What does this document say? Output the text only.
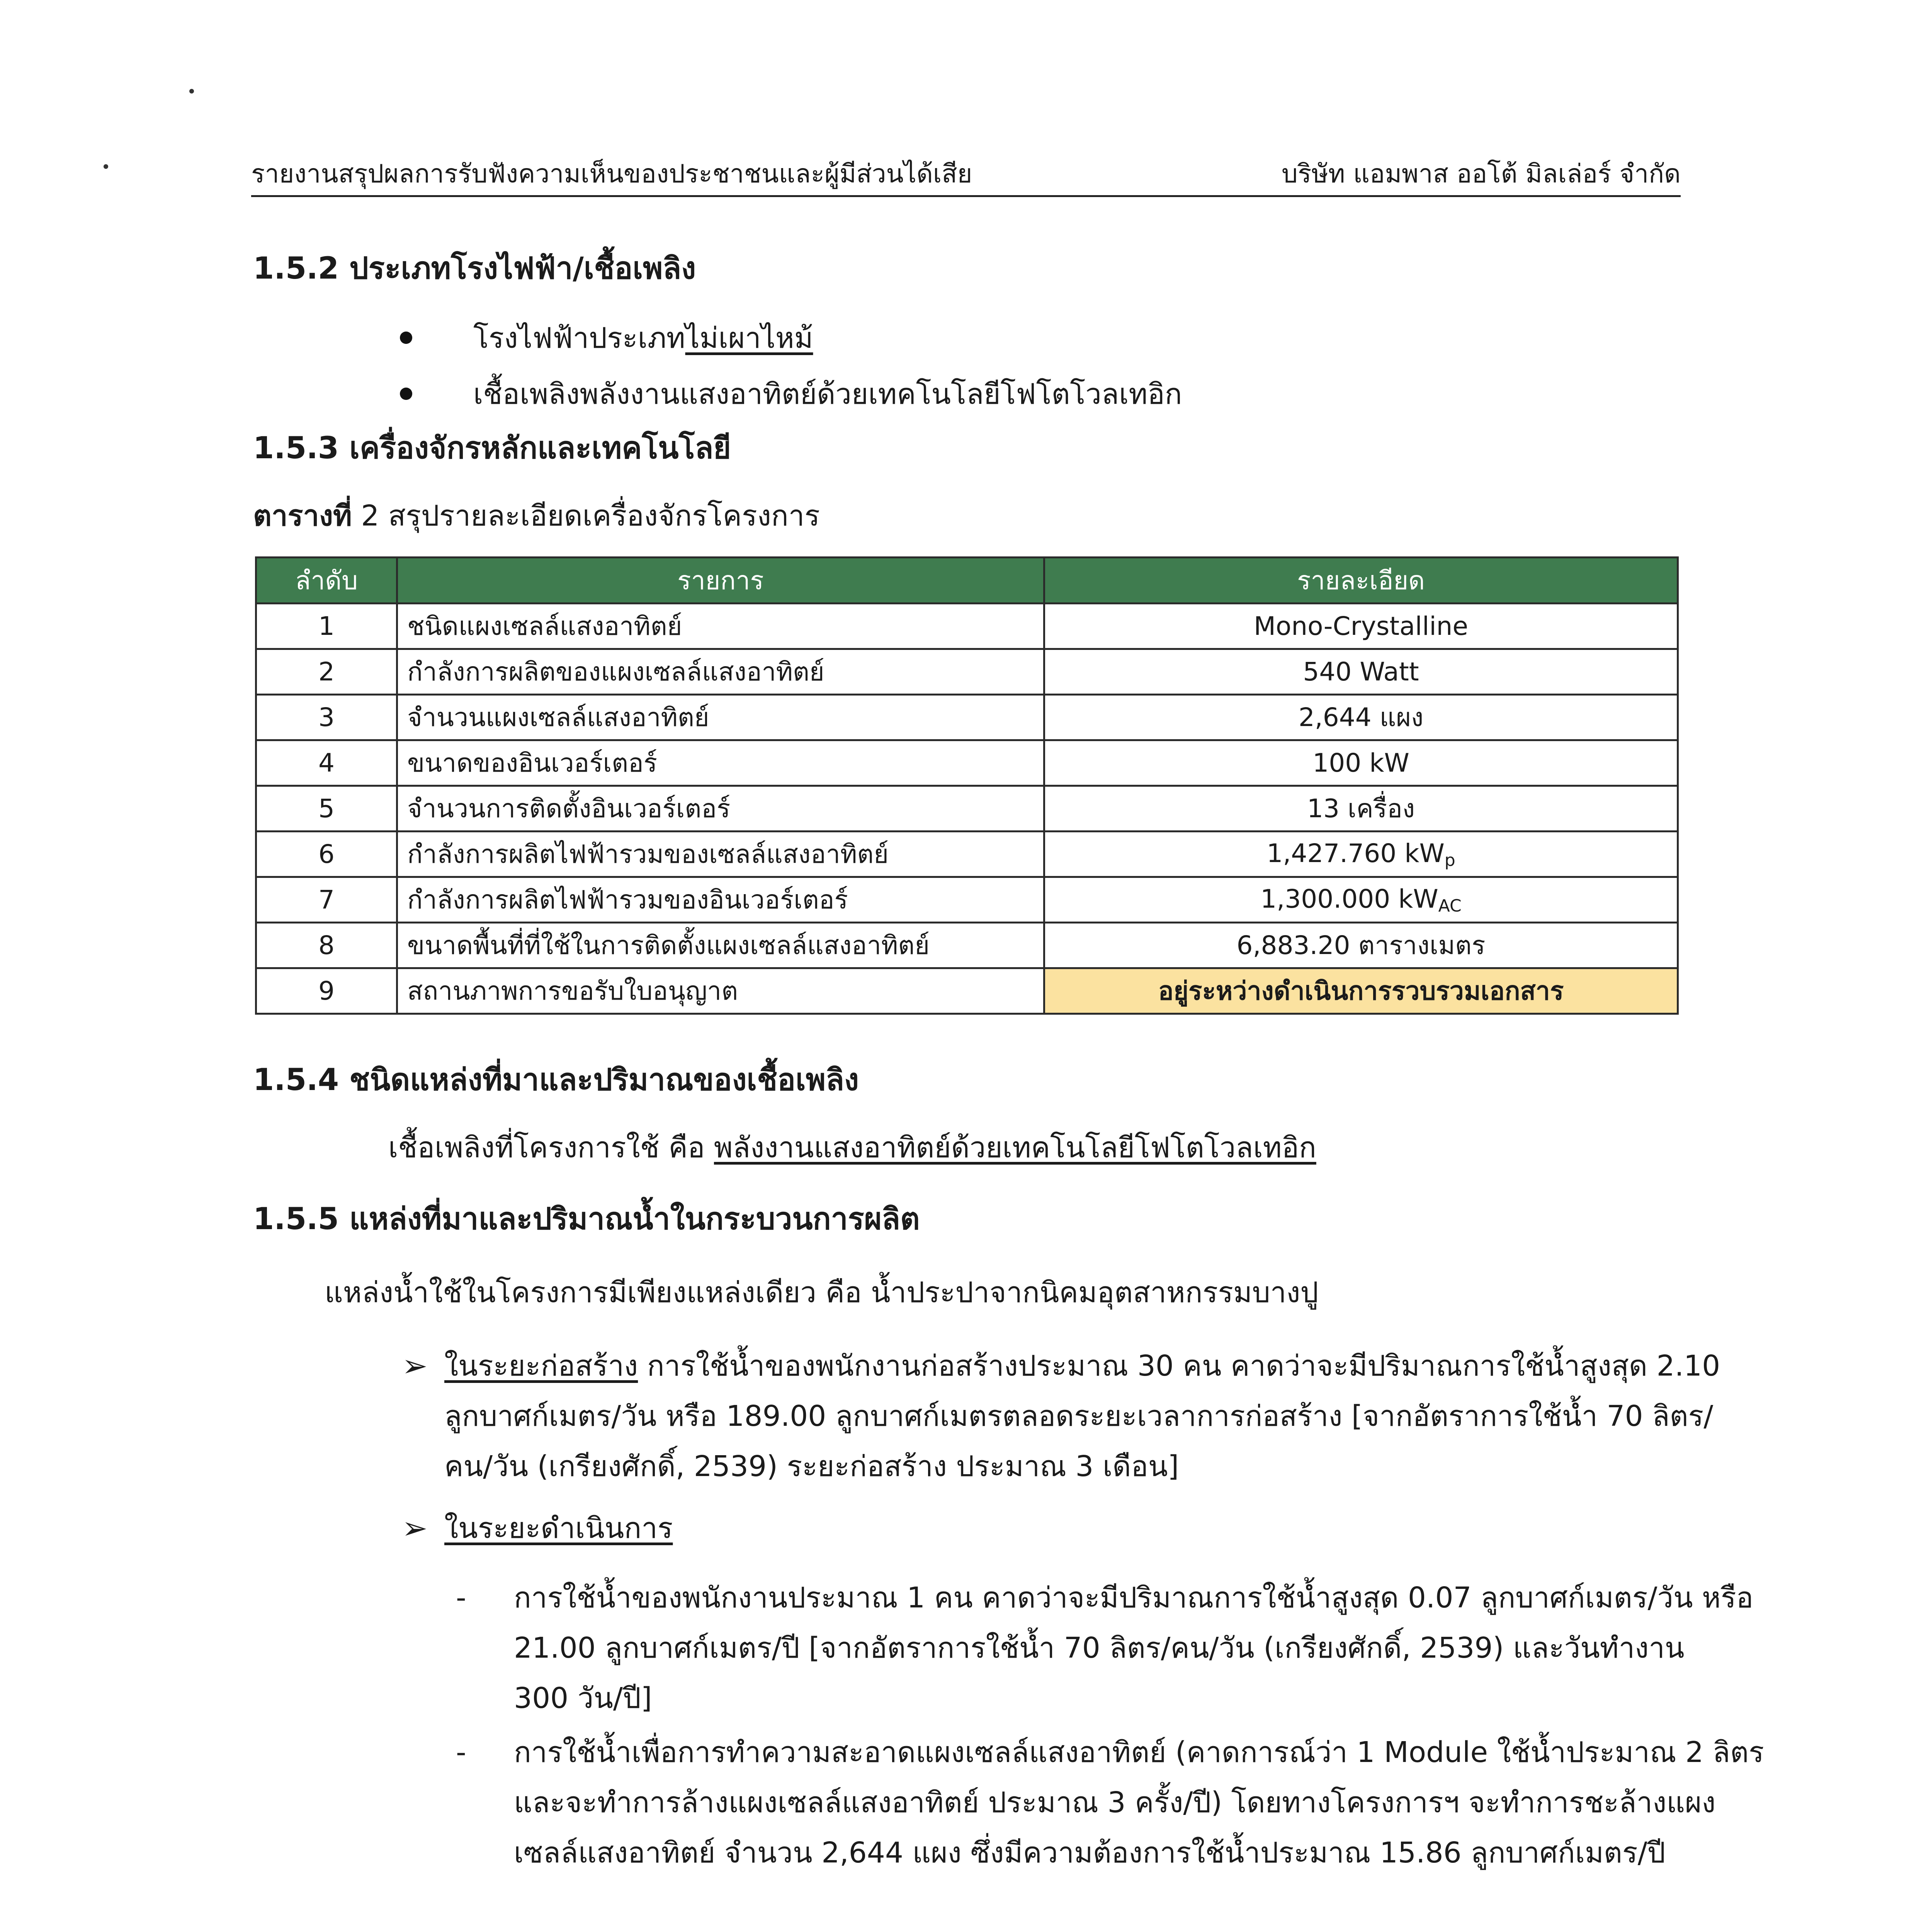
รายงานสรุปผลการรับฟังความเห็นของประชาชนและผู้มีส่วนได้เสีย	บริษัท แอมพาส ออโต้ มิลเล่อร์ จำกัด
1.5.2 ประเภทโรงไฟฟ้า/เชื้อเพลิง
โรงไฟฟ้าประเภทไม่เผาไหม้
เชื้อเพลิงพลังงานแสงอาทิตย์ด้วยเทคโนโลยีโฟโตโวลเทอิก
1.5.3 เครื่องจักรหลักและเทคโนโลยี
ตารางที่ 2 สรุปรายละเอียดเครื่องจักรโครงการ
ลำดับ	รายการ	รายละเอียด
1	ชนิดแผงเซลล์แสงอาทิตย์	Mono-Crystalline
2	กำลังการผลิตของแผงเซลล์แสงอาทิตย์	540 Watt
3	จำนวนแผงเซลล์แสงอาทิตย์	2,644 แผง
4	ขนาดของอินเวอร์เตอร์	100 kW
5	จำนวนการติดตั้งอินเวอร์เตอร์	13 เครื่อง
6	กำลังการผลิตไฟฟ้ารวมของเซลล์แสงอาทิตย์	1,427.760 $kW_p$
7	กำลังการผลิตไฟฟ้ารวมของอินเวอร์เตอร์	1,300.000 $kW_{AC}$
8	ขนาดพื้นที่ที่ใช้ในการติดตั้งแผงเซลล์แสงอาทิตย์	6,883.20 ตารางเมตร
9	สถานภาพการขอรับใบอนุญาต	อยู่ระหว่างดำเนินการรวบรวมเอกสาร
1.5.4 ชนิดแหล่งที่มาและปริมาณของเชื้อเพลิง
เชื้อเพลิงที่โครงการใช้ คือ พลังงานแสงอาทิตย์ด้วยเทคโนโลยีโฟโตโวลเทอิก
1.5.5 แหล่งที่มาและปริมาณน้ำในกระบวนการผลิต
แหล่งน้ำใช้ในโครงการมีเพียงแหล่งเดียว คือ น้ำประปาจากนิคมอุตสาหกรรมบางปู
➢ ในระยะก่อสร้าง การใช้น้ำของพนักงานก่อสร้างประมาณ 30 คน คาดว่าจะมีปริมาณการใช้น้ำสูงสุด 2.10
ลูกบาศก์เมตร/วัน หรือ 189.00 ลูกบาศก์เมตรตลอดระยะเวลาการก่อสร้าง [จากอัตราการใช้น้ำ 70 ลิตร/
คน/วัน (เกรียงศักดิ์, 2539) ระยะก่อสร้าง ประมาณ 3 เดือน]
➢ ในระยะดำเนินการ
- การใช้น้ำของพนักงานประมาณ 1 คน คาดว่าจะมีปริมาณการใช้น้ำสูงสุด 0.07 ลูกบาศก์เมตร/วัน หรือ
21.00 ลูกบาศก์เมตร/ปี [จากอัตราการใช้น้ำ 70 ลิตร/คน/วัน (เกรียงศักดิ์, 2539) และวันทำงาน
300 วัน/ปี]
- การใช้น้ำเพื่อการทำความสะอาดแผงเซลล์แสงอาทิตย์ (คาดการณ์ว่า 1 Module ใช้น้ำประมาณ 2 ลิตร
และจะทำการล้างแผงเซลล์แสงอาทิตย์ ประมาณ 3 ครั้ง/ปี) โดยทางโครงการฯ จะทำการชะล้างแผง
เซลล์แสงอาทิตย์ จำนวน 2,644 แผง ซึ่งมีความต้องการใช้น้ำประมาณ 15.86 ลูกบาศก์เมตร/ปี
